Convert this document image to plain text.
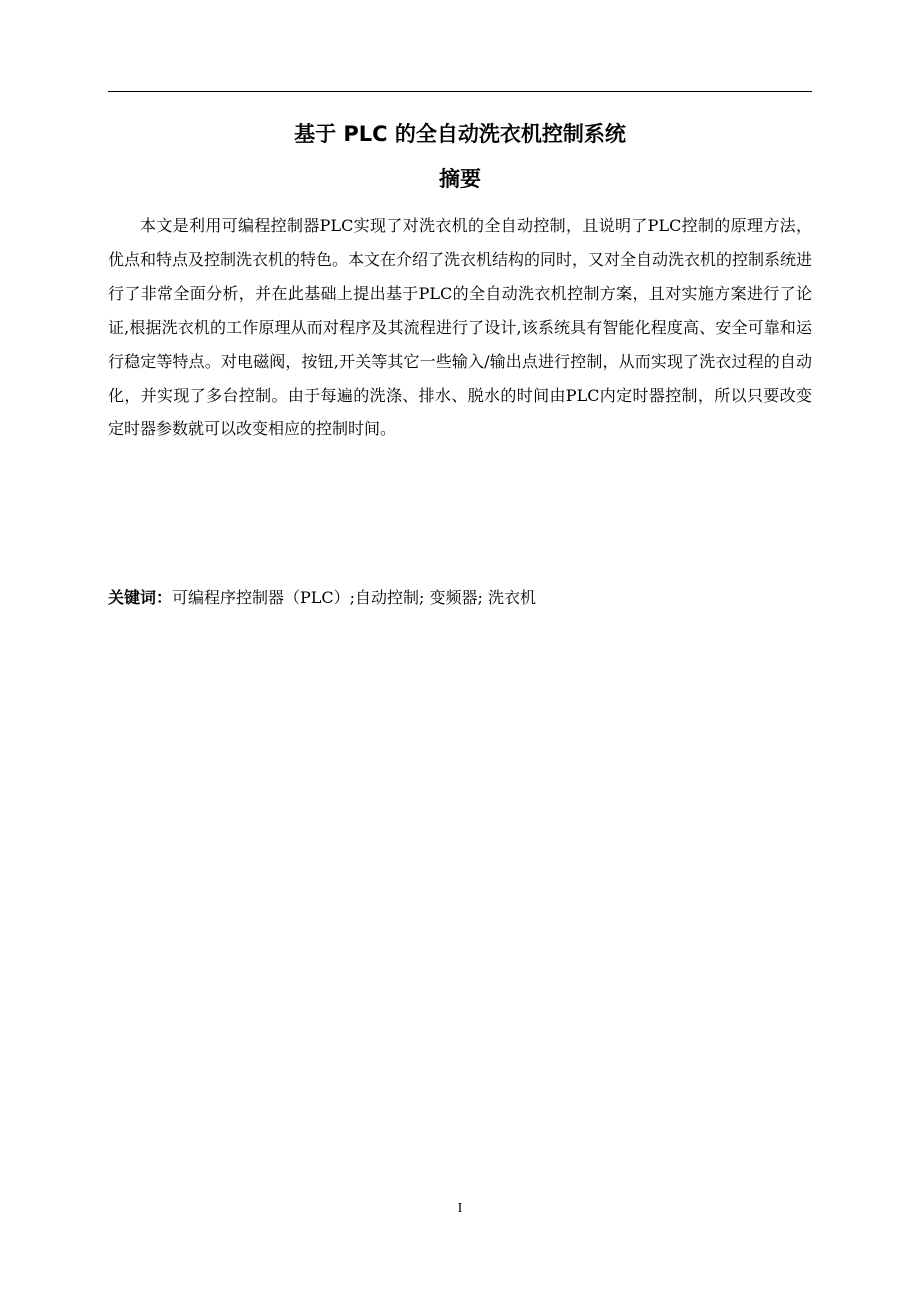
基于 PLC 的全自动洗衣机控制系统
摘要

本文是利用可编程控制器PLC实现了对洗衣机的全自动控制，且说明了PLC控制的原理方法，优点和特点及控制洗衣机的特色。本文在介绍了洗衣机结构的同时，又对全自动洗衣机的控制系统进行了非常全面分析，并在此基础上提出基于PLC的全自动洗衣机控制方案，且对实施方案进行了论证,根据洗衣机的工作原理从而对程序及其流程进行了设计,该系统具有智能化程度高、安全可靠和运行稳定等特点。对电磁阀，按钮,开关等其它一些输入/输出点进行控制，从而实现了洗衣过程的自动化，并实现了多台控制。由于每遍的洗涤、排水、脱水的时间由PLC内定时器控制，所以只要改变定时器参数就可以改变相应的控制时间。

关键词：可编程序控制器（PLC）;自动控制; 变频器; 洗衣机

I
